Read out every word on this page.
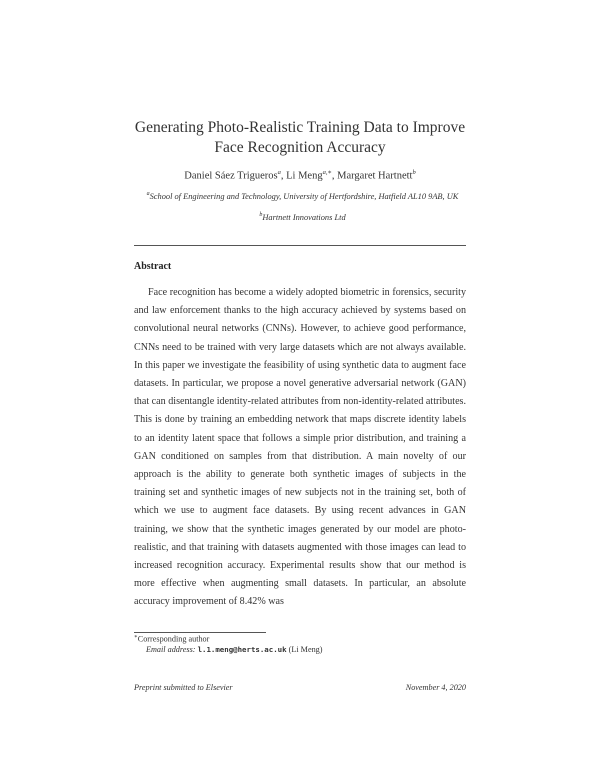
Generating Photo-Realistic Training Data to Improve
Face Recognition Accuracy
Daniel Sáez Trigueros$^a$, Li Meng$^{a,∗}$, Margaret Hartnett$^b$
$^a$School of Engineering and Technology, University of Hertfordshire, Hatfield AL10 9AB, UK
$^b$Hartnett Innovations Ltd
Abstract

Face recognition has become a widely adopted biometric in forensics, security and law enforcement thanks to the high accuracy achieved by systems based on convolutional neural networks (CNNs). However, to achieve good performance, CNNs need to be trained with very large datasets which are not always available. In this paper we investigate the feasibility of using synthetic data to augment face datasets. In particular, we propose a novel generative adversarial network (GAN) that can disentangle identity-related attributes from non-identity-related attributes. This is done by training an embedding network that maps discrete identity labels to an identity latent space that follows a simple prior distribution, and training a GAN conditioned on samples from that distribution. A main novelty of our approach is the ability to generate both synthetic images of subjects in the training set and synthetic images of new subjects not in the training set, both of which we use to augment face datasets. By using recent advances in GAN training, we show that the synthetic images generated by our model are photo-realistic, and that training with datasets augmented with those images can lead to increased recognition accuracy. Experimental results show that our method is more effective when augmenting small datasets. In particular, an absolute accuracy improvement of 8.42% was

∗Corresponding author
Email address: l.1.meng@herts.ac.uk (Li Meng)
Preprint submitted to Elsevier	November 4, 2020
